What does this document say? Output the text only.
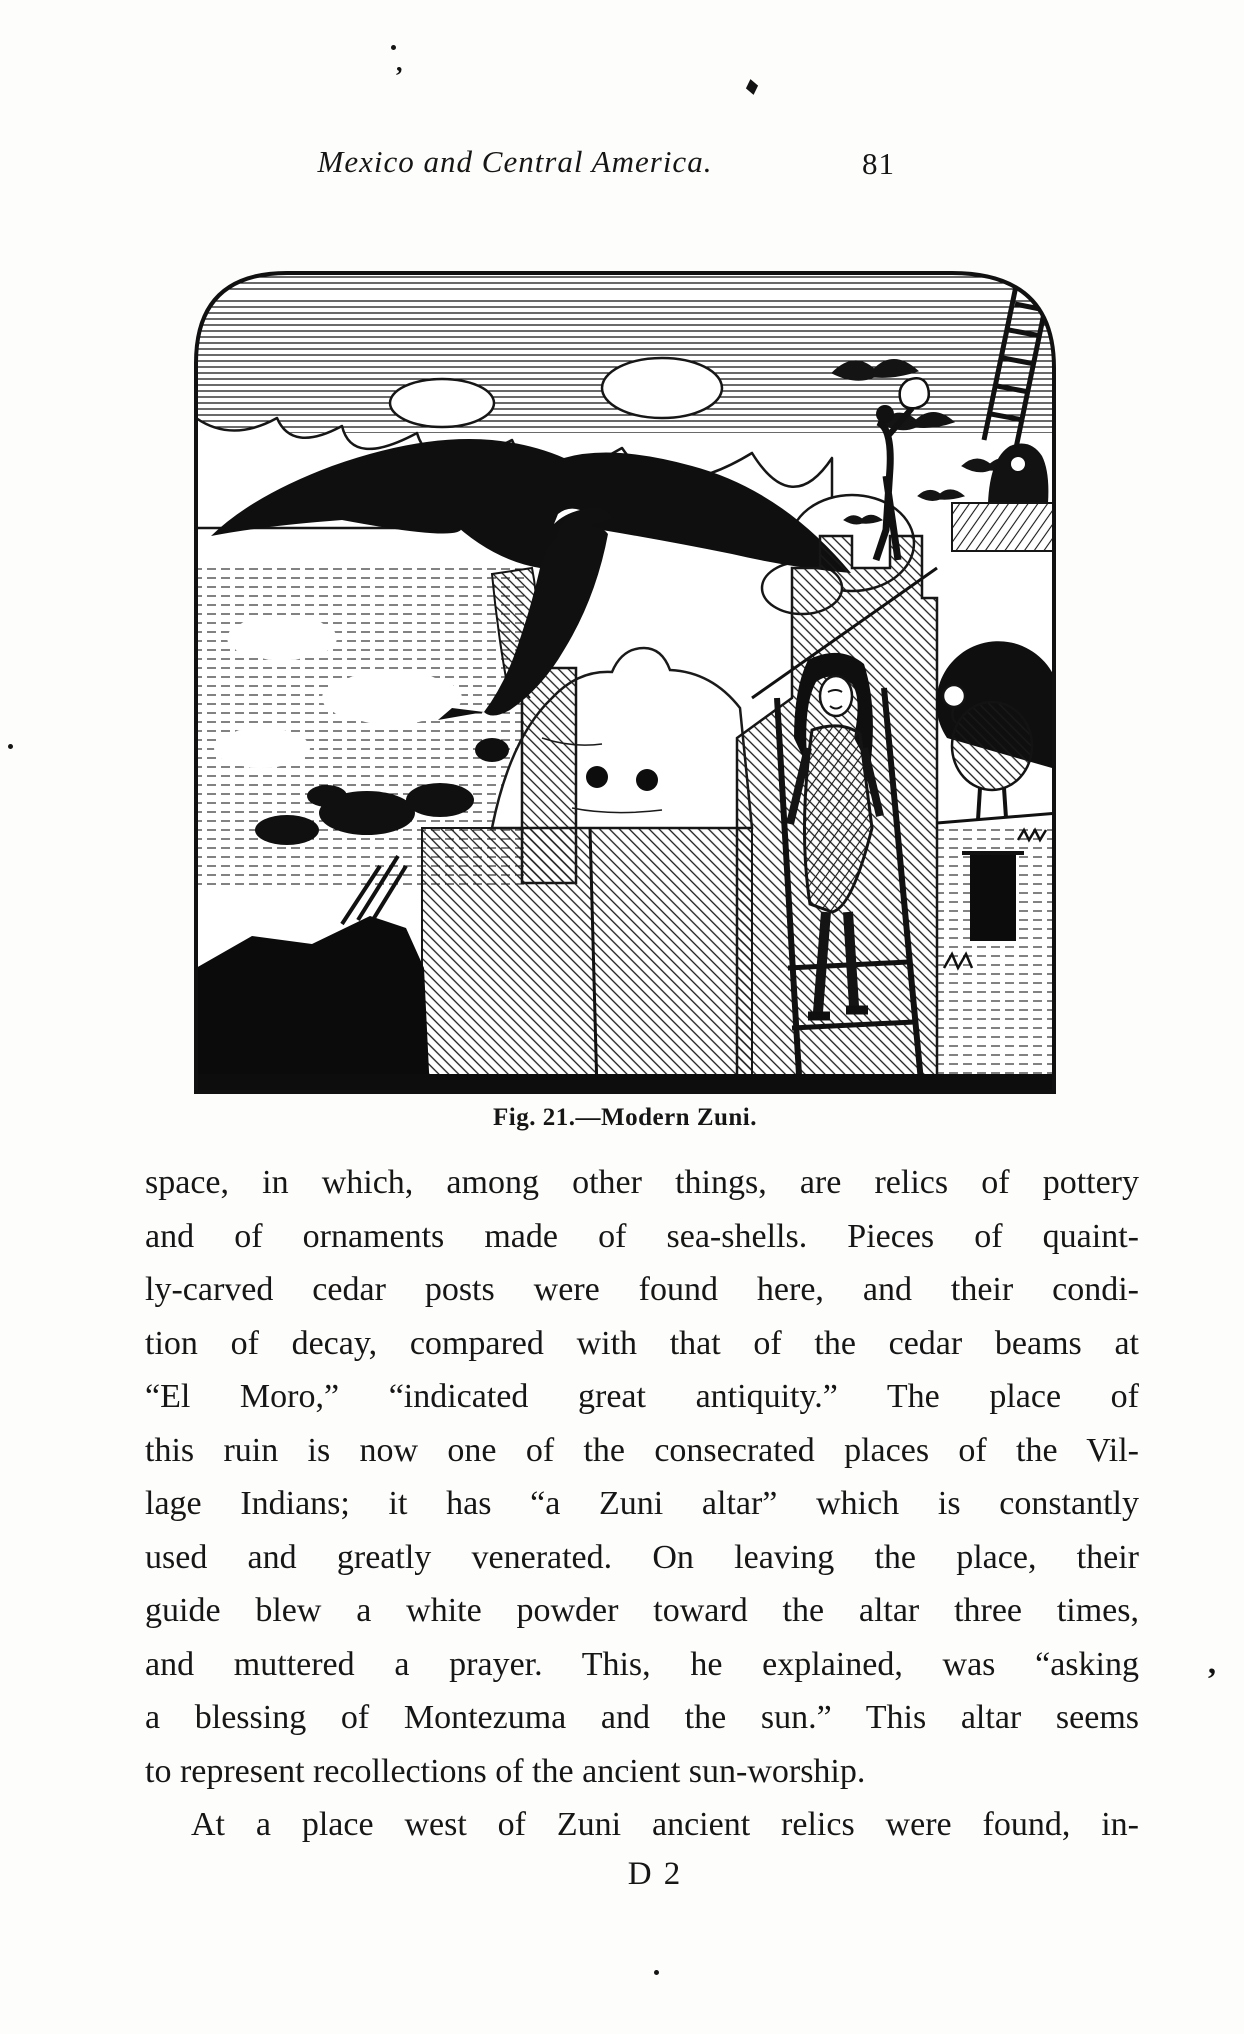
Mexico and Central America.	81
Fig. 21.—Modern Zuni.
space, in which, among other things, are relics of pottery
and of ornaments made of sea-shells. Pieces of quaint-
ly-carved cedar posts were found here, and their condi-
tion of decay, compared with that of the cedar beams at
“El Moro,” “indicated great antiquity.” The place of
this ruin is now one of the consecrated places of the Vil-
lage Indians; it has “a Zuni altar” which is constantly
used and greatly venerated. On leaving the place, their
guide blew a white powder toward the altar three times,
and muttered a prayer. This, he explained, was “asking
a blessing of Montezuma and the sun.” This altar seems
to represent recollections of the ancient sun-worship.
At a place west of Zuni ancient relics were found, in-
D 2
,
,
